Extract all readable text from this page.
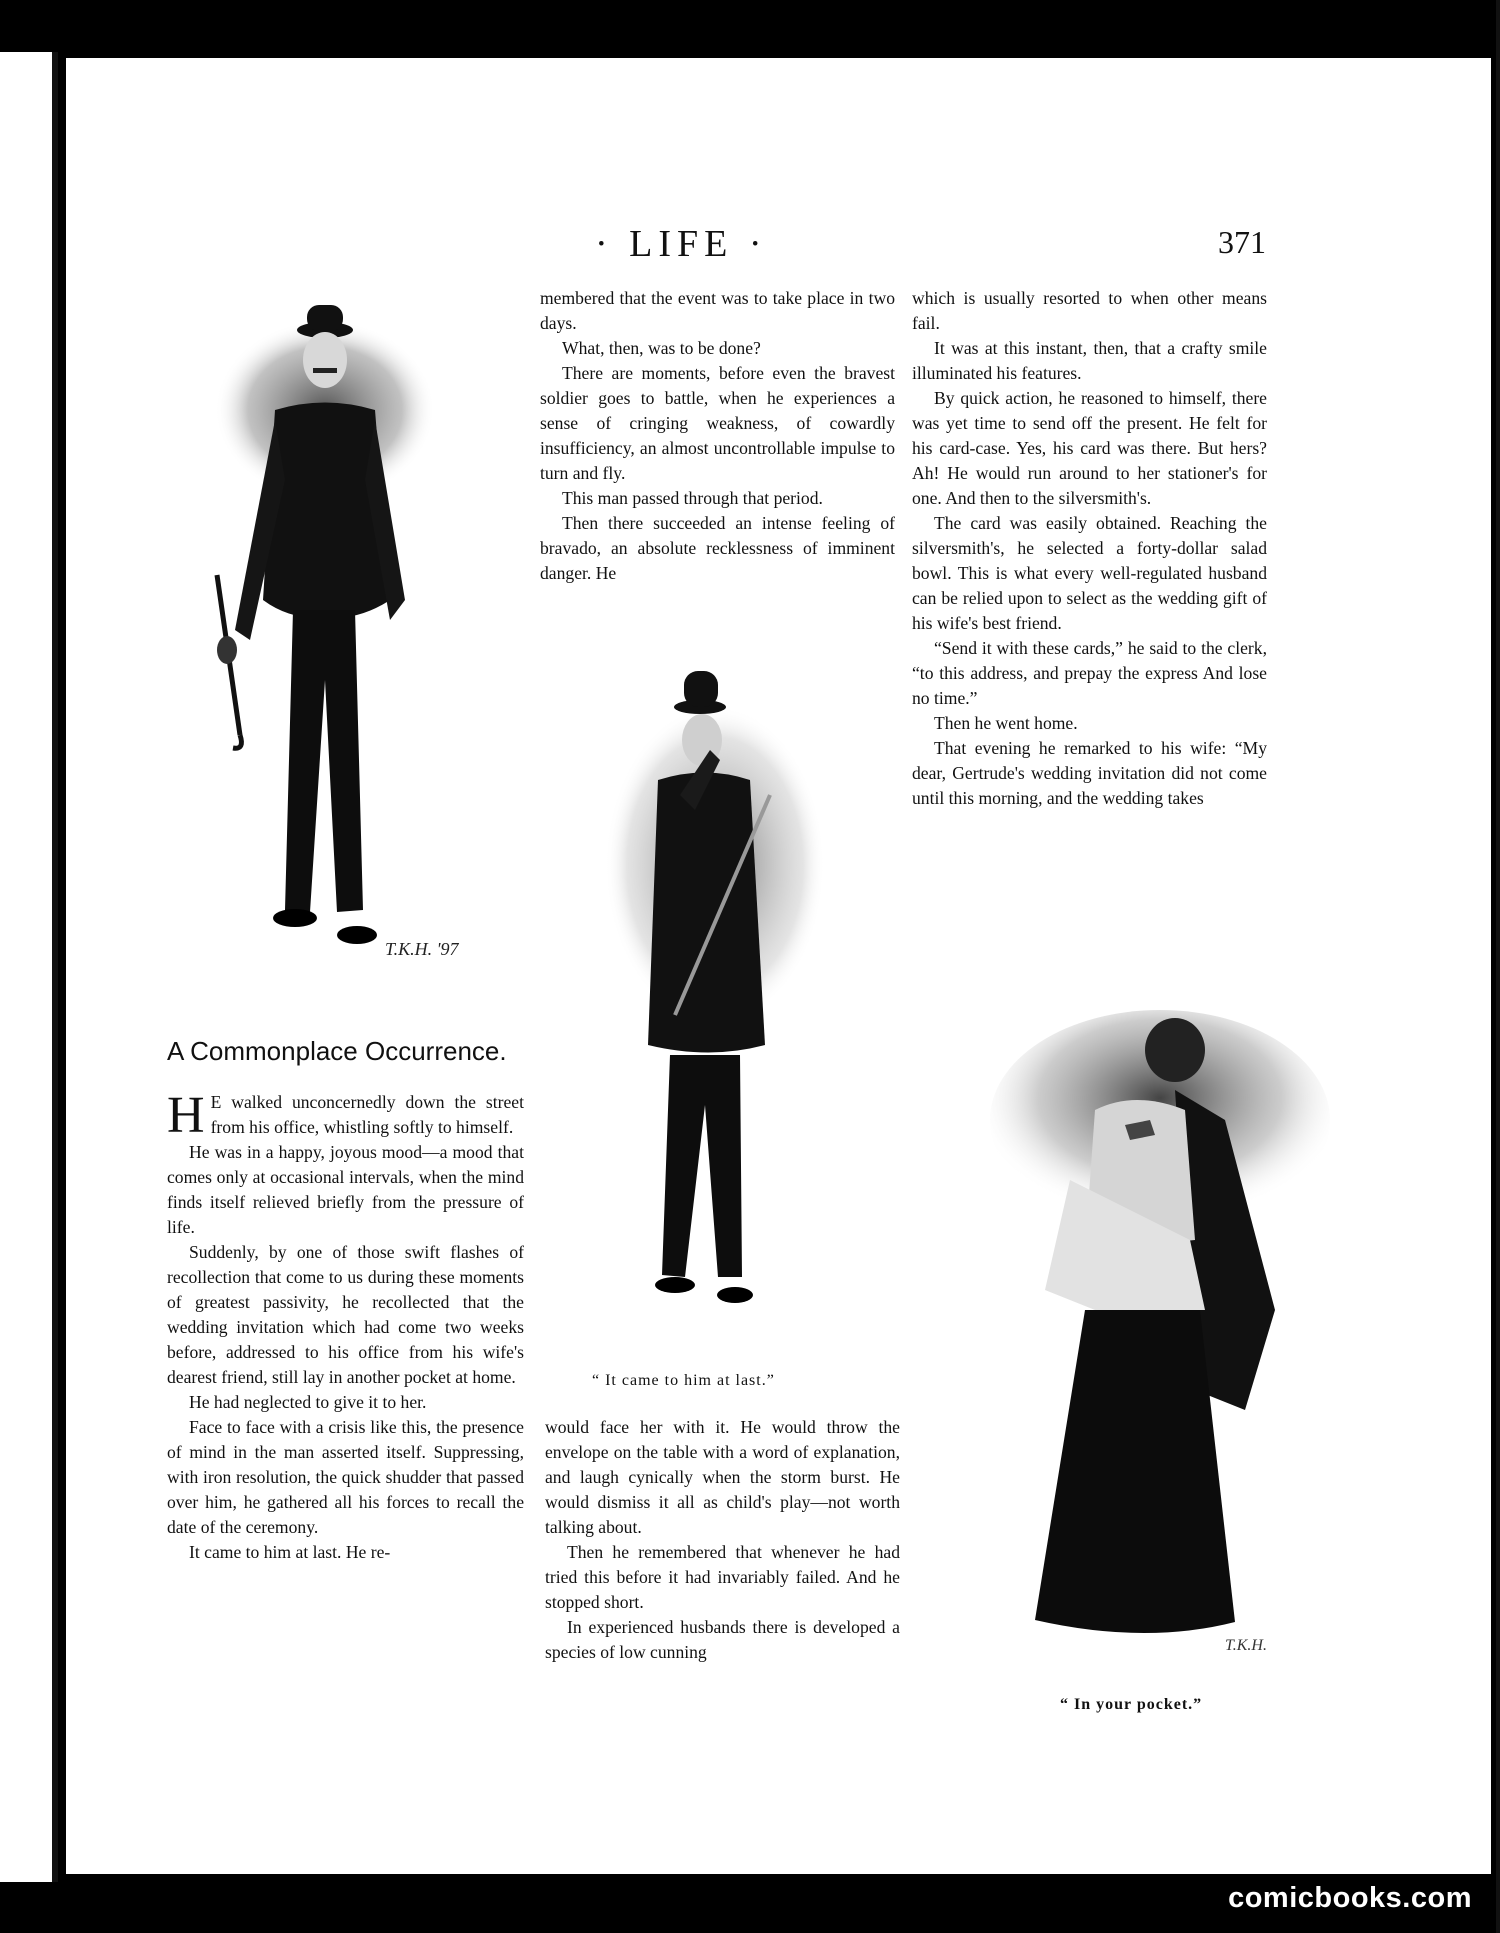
· LIFE ·	371
T.K.H. '97
“ It came to him at last.”
T.K.H.
“ In your pocket.”
A Commonplace Occurrence.

H E walked unconcernedly down the street from his office, whistling softly to himself.

He was in a happy, joyous mood—a mood that comes only at occasional intervals, when the mind finds itself relieved briefly from the pressure of life.

Suddenly, by one of those swift flashes of recollection that come to us during these moments of greatest passivity, he recollected that the wedding invitation which had come two weeks before, addressed to his office from his wife's dearest friend, still lay in another pocket at home.

He had neglected to give it to her.

Face to face with a crisis like this, the presence of mind in the man asserted itself. Suppressing, with iron resolution, the quick shudder that passed over him, he gathered all his forces to recall the date of the ceremony.

It came to him at last. He re-

membered that the event was to take place in two days.

What, then, was to be done?

There are moments, before even the bravest soldier goes to battle, when he experiences a sense of cringing weakness, of cowardly insufficiency, an almost uncontrollable impulse to turn and fly.

This man passed through that period.

Then there succeeded an intense feeling of bravado, an absolute recklessness of imminent danger. He

would face her with it. He would throw the envelope on the table with a word of explanation, and laugh cynically when the storm burst. He would dismiss it all as child's play—not worth talking about.

Then he remembered that whenever he had tried this before it had invariably failed. And he stopped short.

In experienced husbands there is developed a species of low cunning

which is usually resorted to when other means fail.

It was at this instant, then, that a crafty smile illuminated his features.

By quick action, he reasoned to himself, there was yet time to send off the present. He felt for his card-case. Yes, his card was there. But hers? Ah! He would run around to her stationer's for one. And then to the silversmith's.

The card was easily obtained. Reaching the silversmith's, he selected a forty-dollar salad bowl. This is what every well-regulated husband can be relied upon to select as the wedding gift of his wife's best friend.

“Send it with these cards,” he said to the clerk, “to this address, and prepay the express And lose no time.”

Then he went home.

That evening he remarked to his wife: “My dear, Gertrude's wedding invitation did not come until this morning, and the wedding takes

comicbooks.com
